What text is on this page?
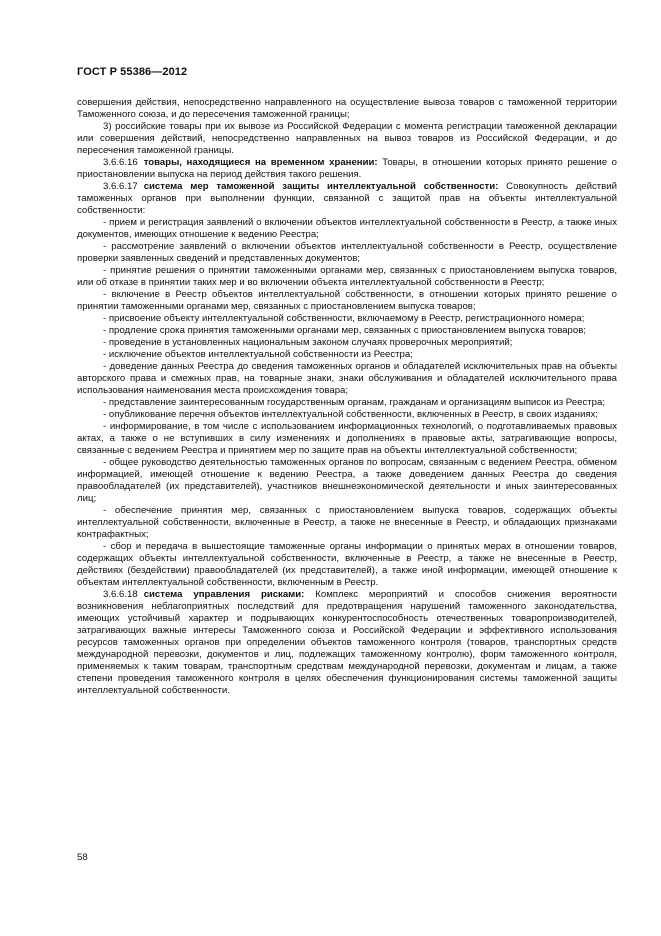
ГОСТ Р 55386—2012

совершения действия, непосредственно направленного на осуществление вывоза товаров с таможенной территории Таможенного союза, и до пересечения таможенной границы;

3) российские товары при их вывозе из Российской Федерации с момента регистрации таможенной декларации или совершения действий, непосредственно направленных на вывоз товаров из Российской Федерации, и до пересечения таможенной границы.

3.6.6.16 товары, находящиеся на временном хранении: Товары, в отношении которых принято решение о приостановлении выпуска на период действия такого решения.

3.6.6.17 система мер таможенной защиты интеллектуальной собственности: Совокупность действий таможенных органов при выполнении функции, связанной с защитой прав на объекты интеллектуальной собственности:

- прием и регистрация заявлений о включении объектов интеллектуальной собственности в Реестр, а также иных документов, имеющих отношение к ведению Реестра;

- рассмотрение заявлений о включении объектов интеллектуальной собственности в Реестр, осуществление проверки заявленных сведений и представленных документов;

- принятие решения о принятии таможенными органами мер, связанных с приостановлением выпуска товаров, или об отказе в принятии таких мер и во включении объекта интеллектуальной собственности в Реестр;

- включение в Реестр объектов интеллектуальной собственности, в отношении которых принято решение о принятии таможенными органами мер, связанных с приостановлением выпуска товаров;

- присвоение объекту интеллектуальной собственности, включаемому в Реестр, регистрационного номера;

- продление срока принятия таможенными органами мер, связанных с приостановлением выпуска товаров;

- проведение в установленных национальным законом случаях проверочных мероприятий;

- исключение объектов интеллектуальной собственности из Реестра;

- доведение данных Реестра до сведения таможенных органов и обладателей исключительных прав на объекты авторского права и смежных прав, на товарные знаки, знаки обслуживания и обладателей исключительного права использования наименования места происхождения товара;

- представление заинтересованным государственным органам, гражданам и организациям выписок из Реестра;

- опубликование перечня объектов интеллектуальной собственности, включенных в Реестр, в своих изданиях;

- информирование, в том числе с использованием информационных технологий, о подготавливаемых правовых актах, а также о не вступивших в силу изменениях и дополнениях в правовые акты, затрагивающие вопросы, связанные с ведением Реестра и принятием мер по защите прав на объекты интеллектуальной собственности;

- общее руководство деятельностью таможенных органов по вопросам, связанным с ведением Реестра, обменом информацией, имеющей отношение к ведению Реестра, а также доведением данных Реестра до сведения правообладателей (их представителей), участников внешнеэкономической деятельности и иных заинтересованных лиц;

- обеспечение принятия мер, связанных с приостановлением выпуска товаров, содержащих объекты интеллектуальной собственности, включенные в Реестр, а также не внесенные в Реестр, и обладающих признаками контрафактных;

- сбор и передача в вышестоящие таможенные органы информации о принятых мерах в отношении товаров, содержащих объекты интеллектуальной собственности, включенные в Реестр, а также не внесенные в Реестр, действиях (бездействии) правообладателей (их представителей), а также иной информации, имеющей отношение к объектам интеллектуальной собственности, включенным в Реестр.

3.6.6.18 система управления рисками: Комплекс мероприятий и способов снижения вероятности возникновения неблагоприятных последствий для предотвращения нарушений таможенного законодательства, имеющих устойчивый характер и подрывающих конкурентоспособность отечественных товаропроизводителей, затрагивающих важные интересы Таможенного союза и Российской Федерации и эффективного использования ресурсов таможенных органов при определении объектов таможенного контроля (товаров, транспортных средств международной перевозки, документов и лиц, подлежащих таможенному контролю), форм таможенного контроля, применяемых к таким товарам, транспортным средствам международной перевозки, документам и лицам, а также степени проведения таможенного контроля в целях обеспечения функционирования системы таможенной защиты интеллектуальной собственности.

58
